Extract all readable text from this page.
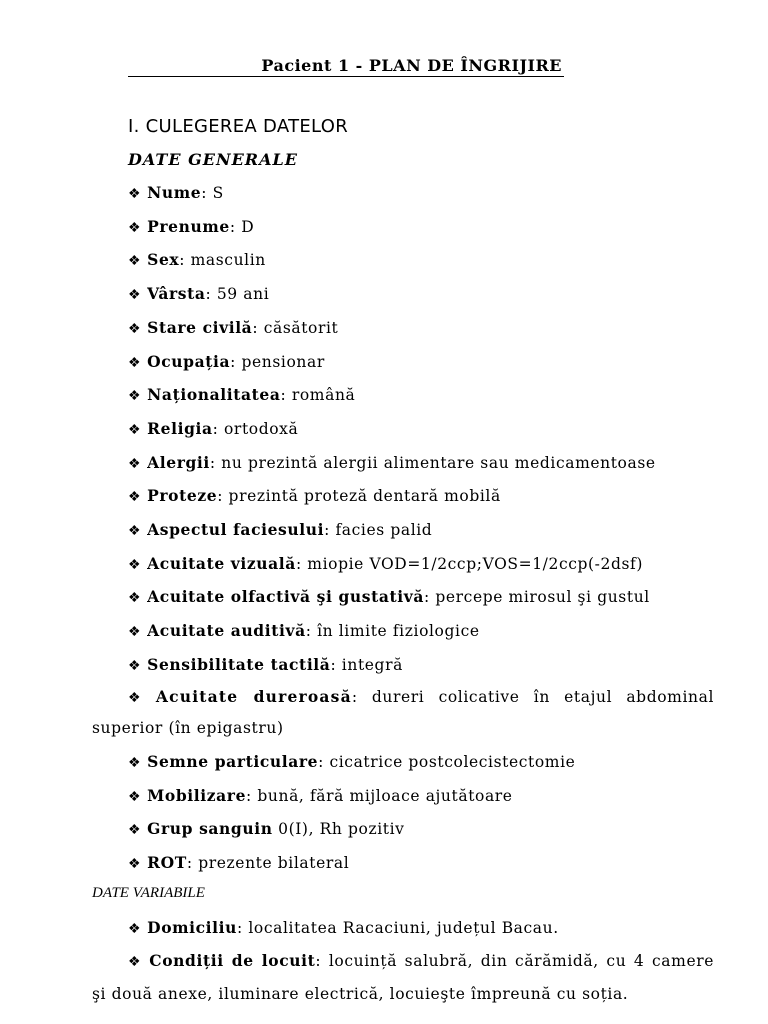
Pacient 1 - PLAN DE ÎNGRIJIRE
I. CULEGEREA DATELOR
DATE GENERALE
❖ Nume: S
❖ Prenume: D
❖ Sex: masculin
❖ Vârsta: 59 ani
❖ Stare civilă: căsătorit
❖ Ocupația: pensionar
❖ Naționalitatea: română
❖ Religia: ortodoxă
❖ Alergii: nu prezintă alergii alimentare sau medicamentoase
❖ Proteze: prezintă proteză dentară mobilă
❖ Aspectul faciesului: facies palid
❖ Acuitate vizuală: miopie VOD=1/2ccp;VOS=1/2ccp(-2dsf)
❖ Acuitate olfactivă şi gustativă: percepe mirosul şi gustul
❖ Acuitate auditivă: în limite fiziologice
❖ Sensibilitate tactilă: integră
❖ Acuitate dureroasă: dureri colicative în etajul abdominal
superior (în epigastru)
❖ Semne particulare: cicatrice postcolecistectomie
❖ Mobilizare: bună, fără mijloace ajutătoare
❖ Grup sanguin 0(I), Rh pozitiv
❖ ROT: prezente bilateral
DATE VARIABILE
❖ Domiciliu: localitatea Racaciuni, județul Bacau.
❖ Condiții de locuit: locuință salubră, din cărămidă, cu 4 camere
şi două anexe, iluminare electrică, locuieşte împreună cu soția.
